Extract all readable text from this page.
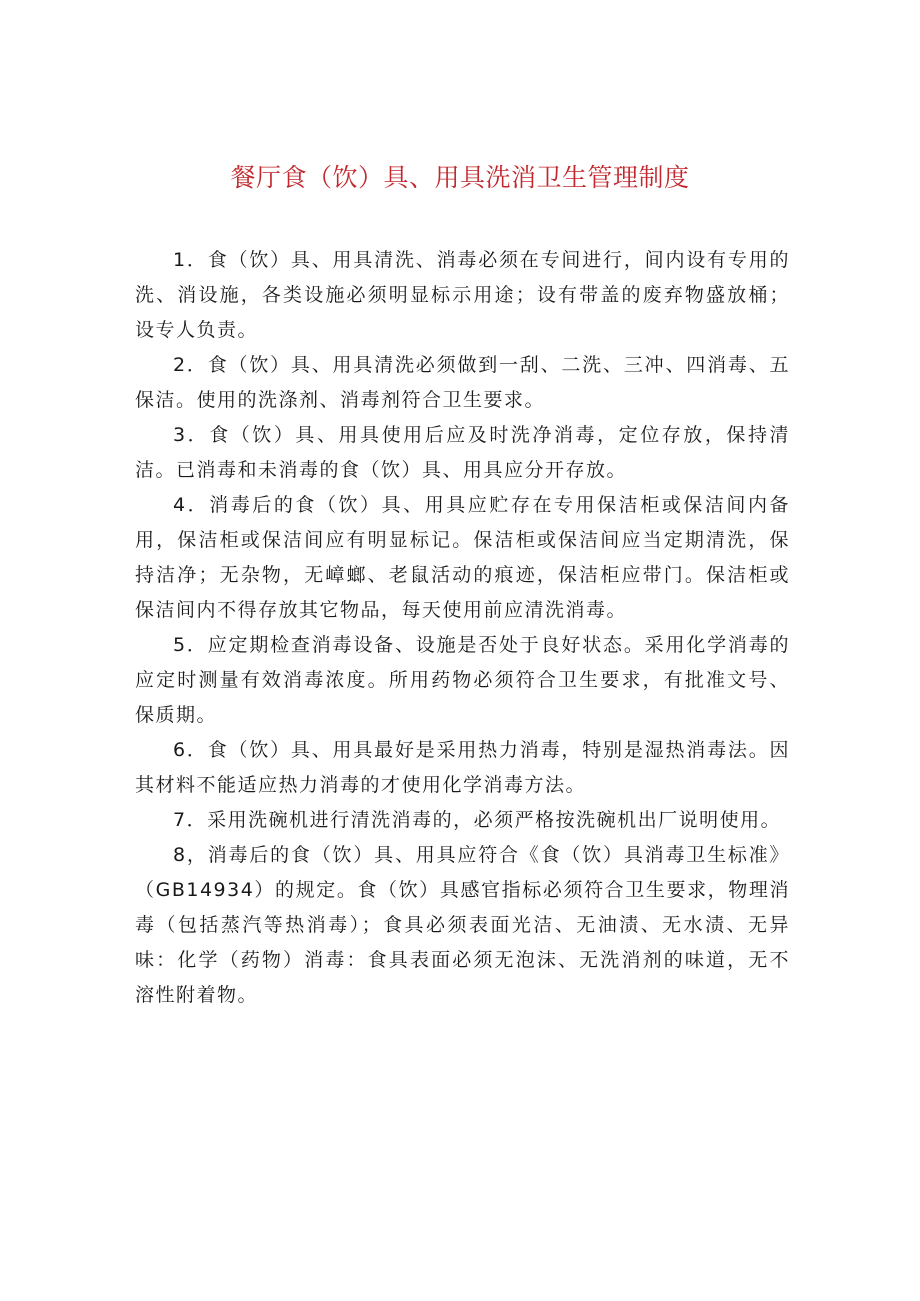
餐厅食（饮）具、用具洗消卫生管理制度

1．食（饮）具、用具清洗、消毒必须在专间进行，间内设有专用的洗、消设施，各类设施必须明显标示用途；设有带盖的废弃物盛放桶；设专人负责。

2．食（饮）具、用具清洗必须做到一刮、二洗、三冲、四消毒、五保洁。使用的洗涤剂、消毒剂符合卫生要求。

3．食（饮）具、用具使用后应及时洗净消毒，定位存放，保持清洁。已消毒和未消毒的食（饮）具、用具应分开存放。

4．消毒后的食（饮）具、用具应贮存在专用保洁柜或保洁间内备用，保洁柜或保洁间应有明显标记。保洁柜或保洁间应当定期清洗，保持洁净；无杂物，无嶂螂、老鼠活动的痕迹，保洁柜应带门。保洁柜或保洁间内不得存放其它物品，每天使用前应清洗消毒。

5．应定期检查消毒设备、设施是否处于良好状态。采用化学消毒的应定时测量有效消毒浓度。所用药物必须符合卫生要求，有批准文号、保质期。

6．食（饮）具、用具最好是采用热力消毒，特别是湿热消毒法。因其材料不能适应热力消毒的才使用化学消毒方法。

7．采用洗碗机进行清洗消毒的，必须严格按洗碗机出厂说明使用。

8，消毒后的食（饮）具、用具应符合《食（饮）具消毒卫生标准》（GB14934）的规定。食（饮）具感官指标必须符合卫生要求，物理消毒（包括蒸汽等热消毒）；食具必须表面光洁、无油渍、无水渍、无异味：化学（药物）消毒：食具表面必须无泡沫、无洗消剂的味道，无不溶性附着物。
